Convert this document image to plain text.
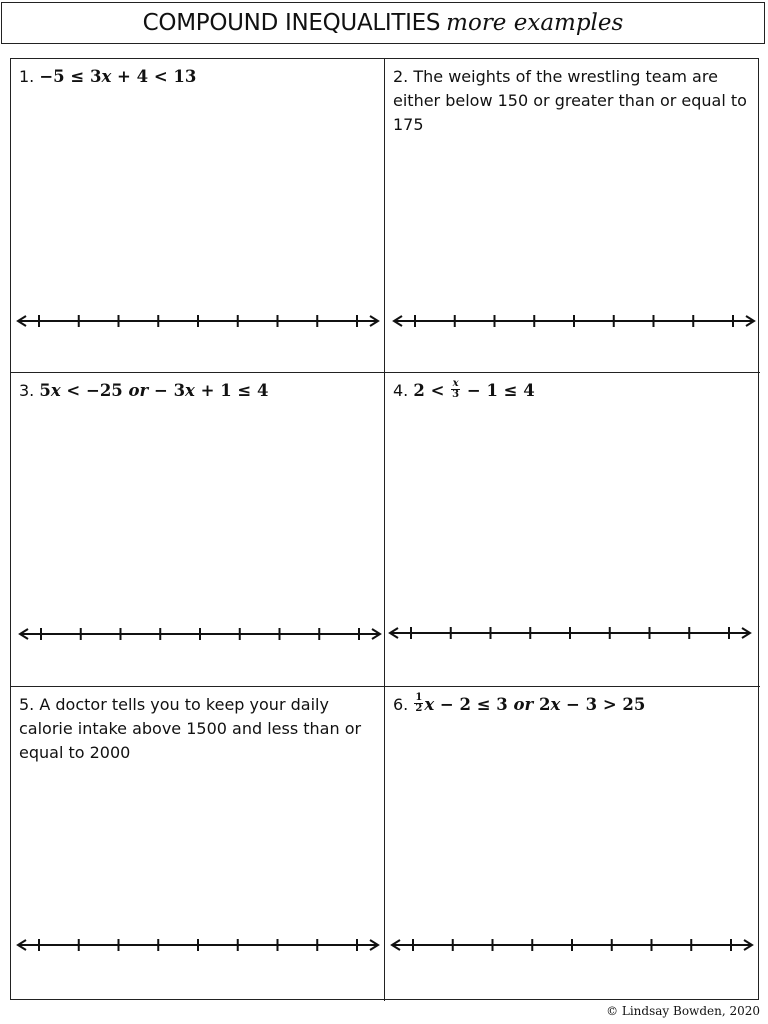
COMPOUND INEQUALITIES more examples
1. −5 ≤ 3x + 4 < 13	2. The weights of the wrestling team are either below 150 or greater than or equal to 175
3. 5x < −25 or − 3x + 1 ≤ 4	4. $2 < \frac{x}{3} - 1 \le 4$
5. A doctor tells you to keep your daily calorie intake above 1500 and less than or equal to 2000
6. $\frac{1}{2}$ x − 2 ≤ 3 or 2x − 3 > 25
© Lindsay Bowden, 2020
